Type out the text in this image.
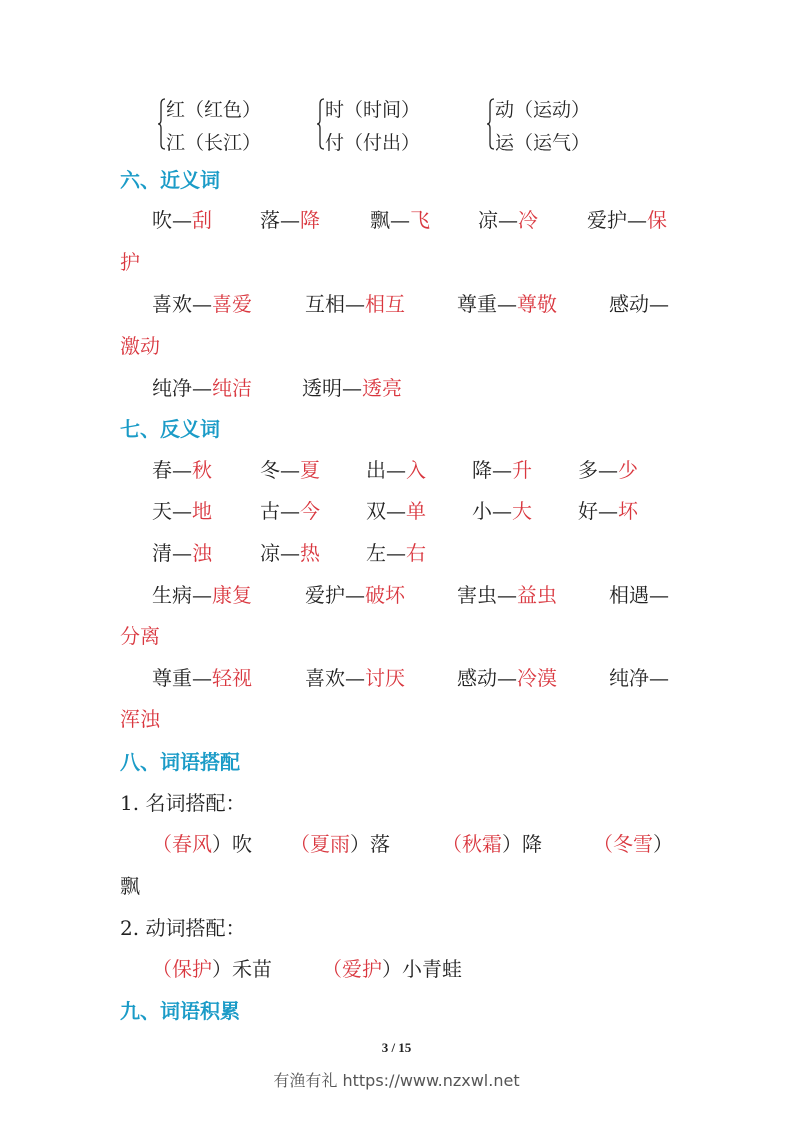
红（红色）
江（长江）
时（时间）
付（付出）
动（运动）
运（运气）
六、近义词
吹—刮 落—降	飘—飞 凉—冷 爱护—保
护
喜欢—喜爱	互相—相互	尊重—尊敬	感动—
激动
纯净—纯洁	透明—透亮
七、反义词
春—秋 冬—夏 出—入 降—升 多—少
天—地 古—今 双—单 小—大 好—坏
清—浊 凉—热 左—右
生病—康复	爱护—破坏	害虫—益虫	相遇—
分离
尊重—轻视	喜欢—讨厌	感动—冷漠	纯净—
浑浊
八、词语搭配
1. 名词搭配：
（春风）吹 （夏雨）落	（秋霜）降	（冬雪）
飘
2. 动词搭配：
（保护）禾苗	（爱护）小青蛙
九、词语积累
3 / 15
有渔有礼 https://www.nzxwl.net
